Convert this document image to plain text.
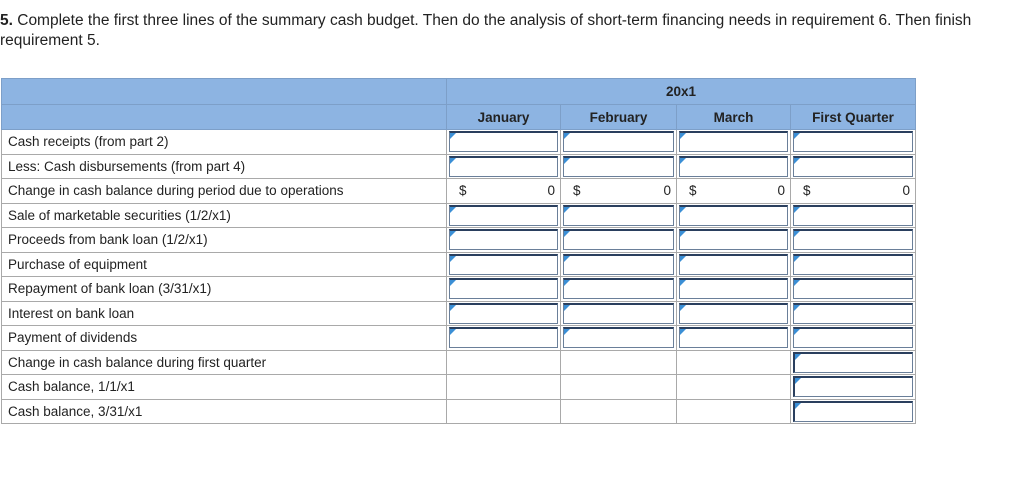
5. Complete the first three lines of the summary cash budget. Then do the analysis of short-term financing needs in requirement 6. Then finish requirement 5.
	20x1			
	January	February	March	First Quarter
Cash receipts (from part 2)	

Less: Cash disbursements (from part 4)	

Change in cash balance during period due to operations	$ 0	$ 0	$ 0	$ 0

Sale of marketable securities (1/2/x1)	

Proceeds from bank loan (1/2/x1)	

Purchase of equipment	

Repayment of bank loan (3/31/x1)	

Interest on bank loan	

Payment of dividends	

Change in cash balance during first quarter				

Cash balance, 1/1/x1				

Cash balance, 3/31/x1				
